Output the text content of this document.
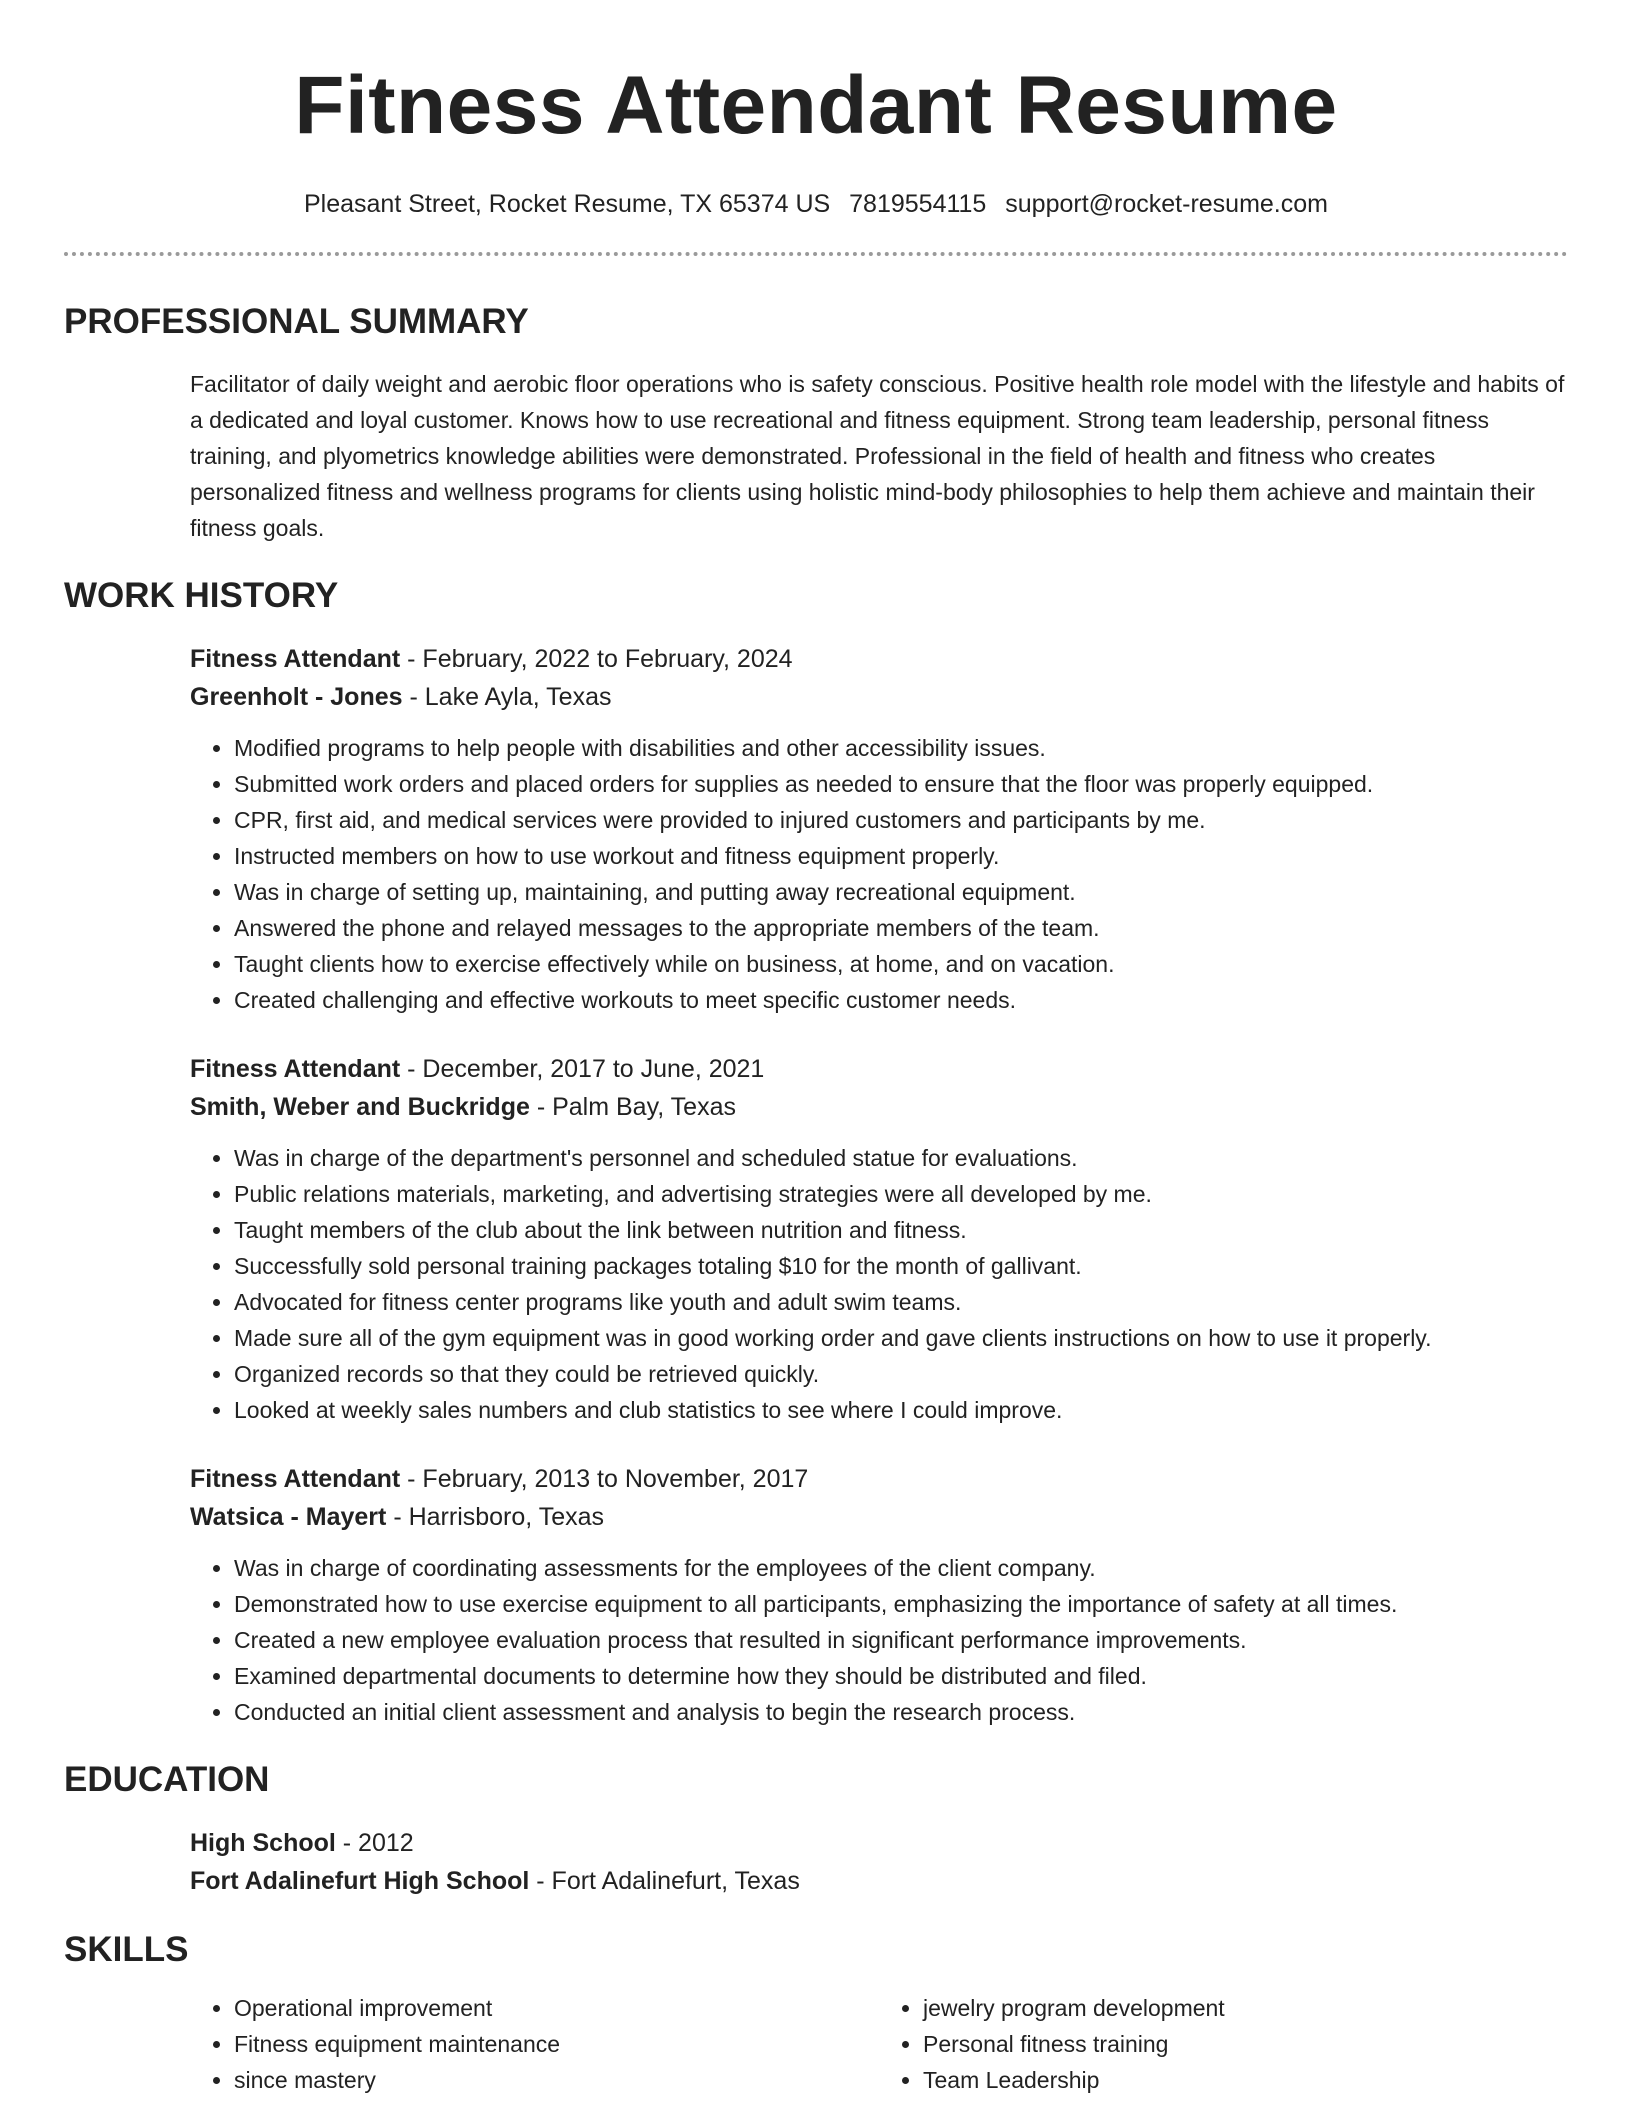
Fitness Attendant Resume
Pleasant Street, Rocket Resume, TX 65374 US 7819554115 support@rocket-resume.com
PROFESSIONAL SUMMARY

Facilitator of daily weight and aerobic floor operations who is safety conscious. Positive health role model with the lifestyle and habits of a dedicated and loyal customer. Knows how to use recreational and fitness equipment. Strong team leadership, personal fitness training, and plyometrics knowledge abilities were demonstrated. Professional in the field of health and fitness who creates personalized fitness and wellness programs for clients using holistic mind-body philosophies to help them achieve and maintain their fitness goals.

WORK HISTORY

Fitness Attendant - February, 2022 to February, 2024

Greenholt - Jones - Lake Ayla, Texas

• Modified programs to help people with disabilities and other accessibility issues.
• Submitted work orders and placed orders for supplies as needed to ensure that the floor was properly equipped.
• CPR, first aid, and medical services were provided to injured customers and participants by me.
• Instructed members on how to use workout and fitness equipment properly.
• Was in charge of setting up, maintaining, and putting away recreational equipment.
• Answered the phone and relayed messages to the appropriate members of the team.
• Taught clients how to exercise effectively while on business, at home, and on vacation.
• Created challenging and effective workouts to meet specific customer needs.

Fitness Attendant - December, 2017 to June, 2021

Smith, Weber and Buckridge - Palm Bay, Texas

• Was in charge of the department's personnel and scheduled statue for evaluations.
• Public relations materials, marketing, and advertising strategies were all developed by me.
• Taught members of the club about the link between nutrition and fitness.
• Successfully sold personal training packages totaling $10 for the month of gallivant.
• Advocated for fitness center programs like youth and adult swim teams.
• Made sure all of the gym equipment was in good working order and gave clients instructions on how to use it properly.
• Organized records so that they could be retrieved quickly.
• Looked at weekly sales numbers and club statistics to see where I could improve.

Fitness Attendant - February, 2013 to November, 2017

Watsica - Mayert - Harrisboro, Texas

• Was in charge of coordinating assessments for the employees of the client company.
• Demonstrated how to use exercise equipment to all participants, emphasizing the importance of safety at all times.
• Created a new employee evaluation process that resulted in significant performance improvements.
• Examined departmental documents to determine how they should be distributed and filed.
• Conducted an initial client assessment and analysis to begin the research process.
EDUCATION

High School - 2012

Fort Adalinefurt High School - Fort Adalinefurt, Texas

SKILLS
• Operational improvement
• Fitness equipment maintenance
• since mastery
• jewelry program development
• Personal fitness training
• Team Leadership
